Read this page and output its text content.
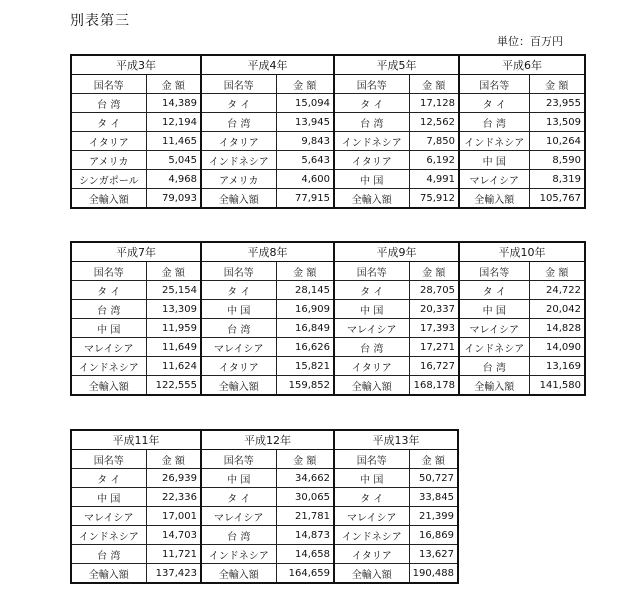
別表第三
単位：百万円
平成3年		平成4年		平成5年		平成6年	
国名等	金 額	国名等	金 額	国名等	金 額	国名等	金 額
台 湾	14,389	タ イ	15,094	タ イ	17,128	タ イ	23,955
タ イ	12,194	台 湾	13,945	台 湾	12,562	台 湾	13,509
イタリア	11,465	イタリア	9,843	インドネシア	7,850	インドネシア	10,264
アメリカ	5,045	インドネシア	5,643	イタリア	6,192	中 国	8,590
シンガポール	4,968	アメリカ	4,600	中 国	4,991	マレイシア	8,319
全輸入額	79,093	全輸入額	77,915	全輸入額	75,912	全輸入額	105,767
平成7年		平成8年		平成9年		平成10年	
国名等	金 額	国名等	金 額	国名等	金 額	国名等	金 額
タ イ	25,154	タ イ	28,145	タ イ	28,705	タ イ	24,722
台 湾	13,309	中 国	16,909	中 国	20,337	中 国	20,042
中 国	11,959	台 湾	16,849	マレイシア	17,393	マレイシア	14,828
マレイシア	11,649	マレイシア	16,626	台 湾	17,271	インドネシア	14,090
インドネシア	11,624	イタリア	15,821	イタリア	16,727	台 湾	13,169
全輸入額	122,555	全輸入額	159,852	全輸入額	168,178	全輸入額	141,580
平成11年		平成12年		平成13年	
国名等	金 額	国名等	金 額	国名等	金 額
タ イ	26,939	中 国	34,662	中 国	50,727
中 国	22,336	タ イ	30,065	タ イ	33,845
マレイシア	17,001	マレイシア	21,781	マレイシア	21,399
インドネシア	14,703	台 湾	14,873	インドネシア	16,869
台 湾	11,721	インドネシア	14,658	イタリア	13,627
全輸入額	137,423	全輸入額	164,659	全輸入額	190,488
